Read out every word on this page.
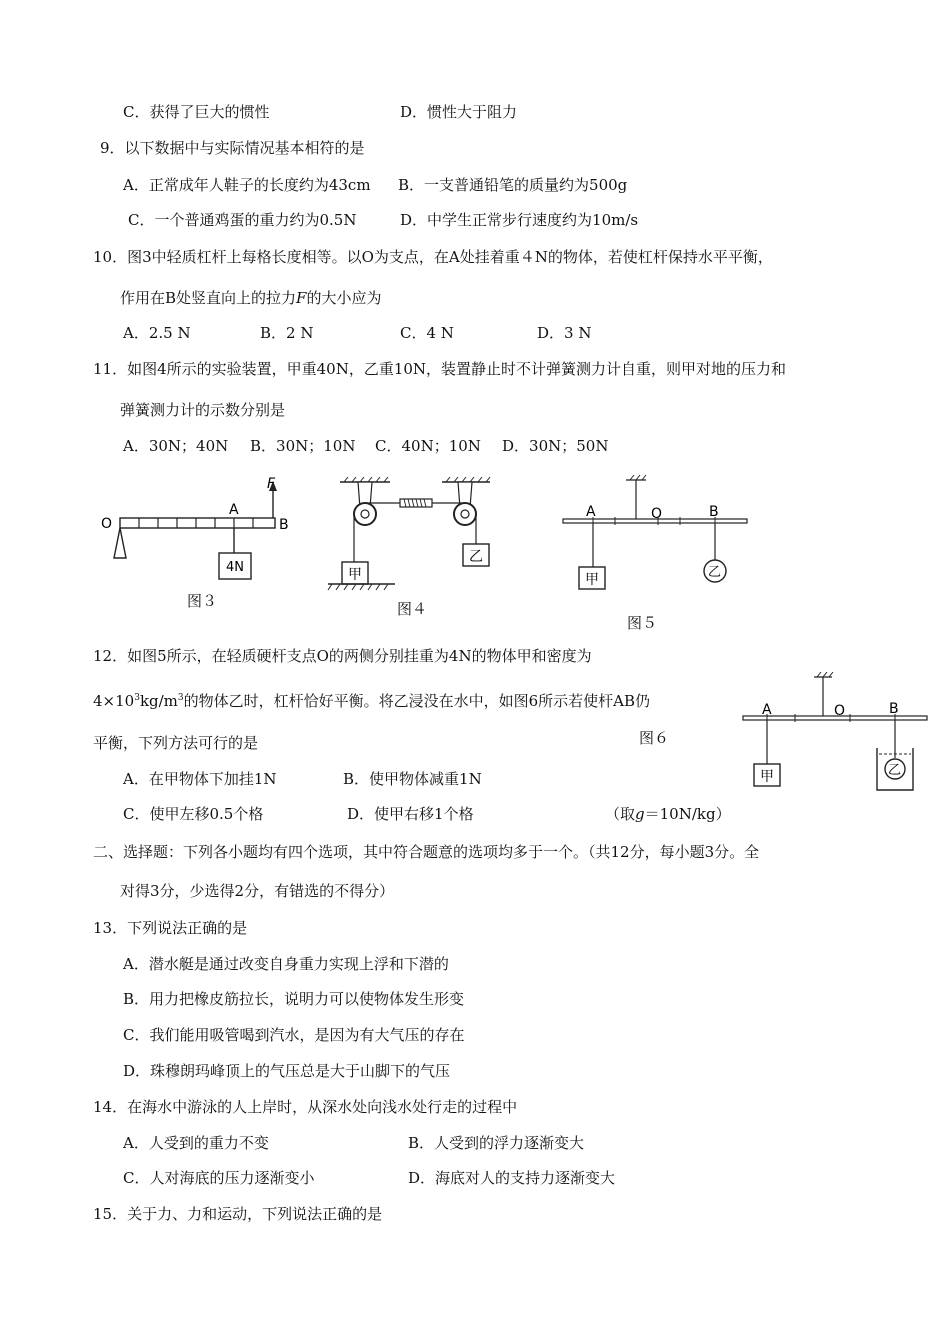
C．获得了巨大的惯性	D．惯性大于阻力
9．以下数据中与实际情况基本相符的是
A．正常成年人鞋子的长度约为43cm B．一支普通铅笔的质量约为500g
C．一个普通鸡蛋的重力约为0.5N	D．中学生正常步行速度约为10m/s
10．图3中轻质杠杆上每格长度相等。以O为支点，在A处挂着重４N的物体，若使杠杆保持水平平衡，
作用在B处竖直向上的拉力F的大小应为
A．2.5 N	B．2 N	C．4 N	D．3 N
11．如图4所示的实验装置，甲重40N，乙重10N，装置静止时不计弹簧测力计自重，则甲对地的压力和
弹簧测力计的示数分别是
A．30N；40N B．30N；10N C．40N；10N D．30N；50N
O
A
B
F
4N
图３
甲
乙
图４
A	O	B
甲	乙
图５
12．如图5所示，在轻质硬杆支点O的两侧分别挂重为4N的物体甲和密度为
$4\times 10^3kg/m^3$的物体乙时，杠杆恰好平衡。将乙浸没在水中，如图6所示若使杆AB仍
平衡，下列方法可行的是
A．在甲物体下加挂1N	B．使甲物体减重1N
C．使甲左移0.5个格	D．使甲右移1个格	（取g＝10N/kg）
图６
A	O	B
甲	乙
二、选择题：下列各小题均有四个选项，其中符合题意的选项均多于一个。（共12分，每小题3分。全
对得3分，少选得2分，有错选的不得分）
13．下列说法正确的是
A．潜水艇是通过改变自身重力实现上浮和下潜的
B．用力把橡皮筋拉长，说明力可以使物体发生形变
C．我们能用吸管喝到汽水，是因为有大气压的存在
D．珠穆朗玛峰顶上的气压总是大于山脚下的气压
14．在海水中游泳的人上岸时，从深水处向浅水处行走的过程中
A．人受到的重力不变	B．人受到的浮力逐渐变大
C．人对海底的压力逐渐变小	D．海底对人的支持力逐渐变大
15．关于力、力和运动，下列说法正确的是
